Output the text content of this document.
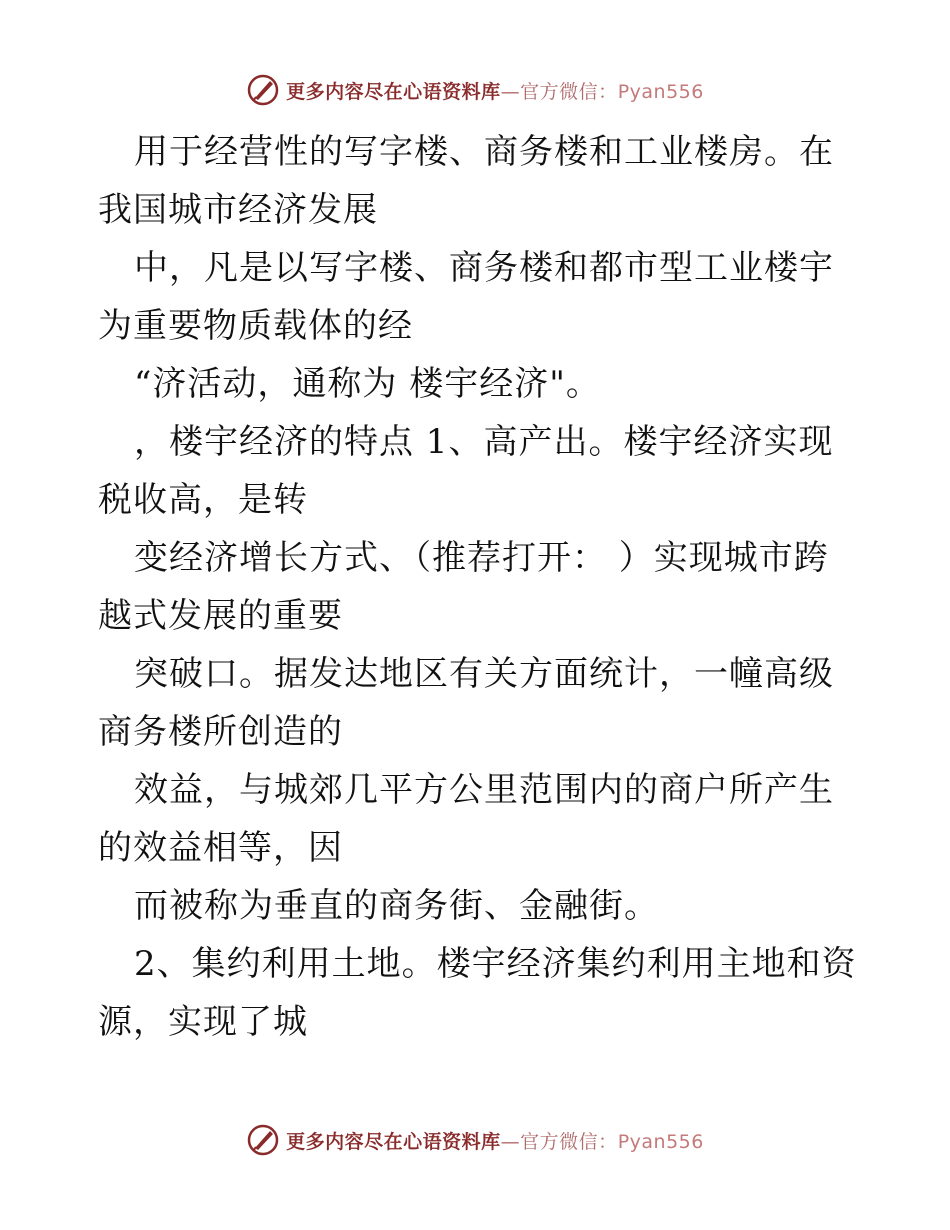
更多内容尽在心语资料库—官方微信：Pyan556

用于经营性的写字楼、商务楼和工业楼房。在我国城市经济发展

中，凡是以写字楼、商务楼和都市型工业楼宇为重要物质载体的经

“济活动，通称为 楼宇经济"。

，楼宇经济的特点 1、高产出。楼宇经济实现税收高，是转

变经济增长方式、（推荐打开： ）实现城市跨越式发展的重要

突破口。据发达地区有关方面统计，一幢高级商务楼所创造的

效益，与城郊几平方公里范围内的商户所产生的效益相等，因

而被称为垂直的商务街、金融街。

2、集约利用土地。楼宇经济集约利用主地和资源，实现了城

更多内容尽在心语资料库—官方微信：Pyan556
